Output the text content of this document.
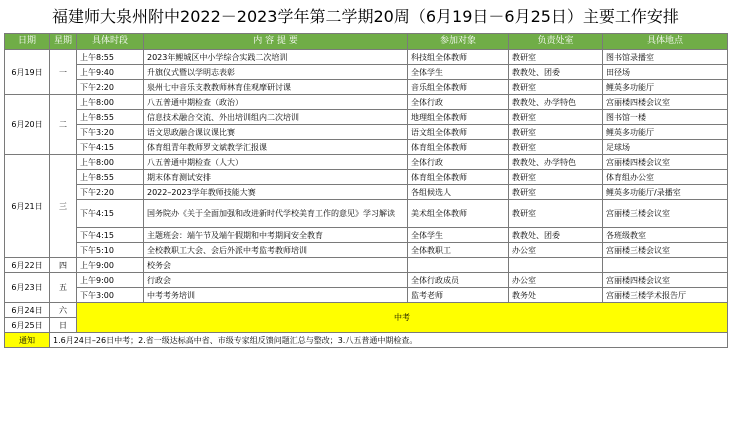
福建师大泉州附中2022－2023学年第二学期20周（6月19日－6月25日）主要工作安排
日期	星期	具体时段	内 容 提 要	参加对象	负责处室	具体地点
6月19日	一	上午8:55	2023年鲤城区中小学综合实践二次培训	科技组全体教师	教研室	图书馆录播室
		上午9:40	升旗仪式暨以学明志表彰	全体学生	教教处、团委	田径场
		下午2:20	泉州七中音乐支教教师林育佳观摩研讨课	音乐组全体教师	教研室	鲤英多功能厅
6月20日	二	上午8:00	八五普通中期检查（政治）	全体行政	教教处、办学特色	宫丽楼四楼会议室
		上午8:55	信息技术融合交流、外出培训组内二次培训	地理组全体教师	教研室	图书馆一楼
		下午3:20	语文思政融合课议课比赛	语文组全体教师	教研室	鲤英多功能厅
		下午4:15	体育组青年教师罗文斌教学汇报课	体育组全体教师	教研室	足球场
6月21日	三	上午8:00	八五普通中期检查（人大）	全体行政	教教处、办学特色	宫丽楼四楼会议室
		上午8:55	期末体育测试安排	体育组全体教师	教研室	体育组办公室
		下午2:20	2022–2023学年教师技能大赛	各组候选人	教研室	鲤英多功能厅/录播室
		下午4:15	国务院办《关于全面加强和改进新时代学校美育工作的意见》学习解读	美术组全体教师	教研室	宫丽楼三楼会议室
		下午4:15	主题班会：端午节及端午假期和中考期间安全教育	全体学生	教教处、团委	各班级教室
		下午5:10	全校教职工大会、会后外派中考监考教师培训	全体教职工	办公室	宫丽楼三楼会议室
6月22日	四	上午9:00	校务会			
6月23日	五	上午9:00	行政会	全体行政成员	办公室	宫丽楼四楼会议室
		下午3:00	中考考务培训	监考老师	教务处	宫丽楼三楼学术报告厅
6月24日	六	中考				
6月25日	日					
通知	1.6月24日–26日中考；2.省一级达标高中省、市级专家组反馈问题汇总与整改；3.八五普通中期检查。					
